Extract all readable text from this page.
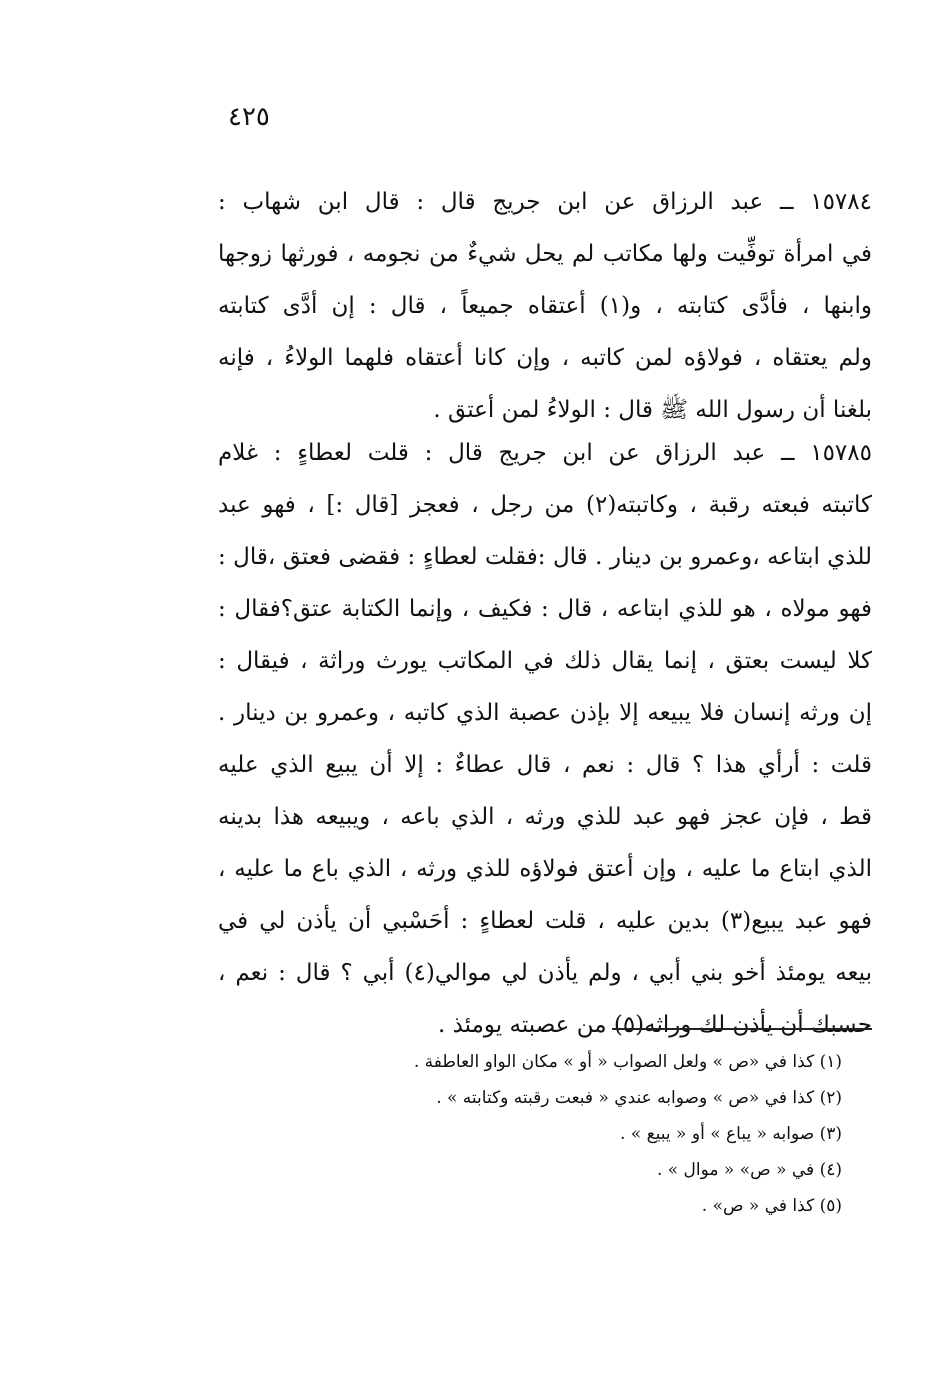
٤٢٥
١٥٧٨٤ ــ عبد الرزاق عن ابن جريج قال : قال ابن شهاب :
في امرأة توفِّيت ولها مكاتب لم يحل شيءٌ من نجومه ، فورثها زوجها
وابنها ، فأدَّى كتابته ، و(١) أعتقاه جميعاً ، قال : إن أدَّى كتابته
ولم يعتقاه ، فولاؤه لمن كاتبه ، وإن كانا أعتقاه فلهما الولاءُ ، فإنه
بلغنا أن رسول الله ﷺ قال : الولاءُ لمن أعتق .
١٥٧٨٥ ــ عبد الرزاق عن ابن جريج قال : قلت لعطاءٍ : غلام
كاتبته فبعته رقبة ، وكاتبته(٢) من رجل ، فعجز [قال :] ، فهو عبد
للذي ابتاعه ،وعمرو بن دينار . قال :فقلت لعطاءٍ : فقضى فعتق ،قال :
فهو مولاه ، هو للذي ابتاعه ، قال : فكيف ، وإنما الكتابة عتق؟فقال :
كلا ليست بعتق ، إنما يقال ذلك في المكاتب يورث وراثة ، فيقال :
إن ورثه إنسان فلا يبيعه إلا بإذن عصبة الذي كاتبه ، وعمرو بن دينار .
قلت : أرأي هذا ؟ قال : نعم ، قال عطاءٌ : إلا أن يبيع الذي عليه
قط ، فإن عجز فهو عبد للذي ورثه ، الذي باعه ، ويبيعه هذا بدينه
الذي ابتاع ما عليه ، وإن أعتق فولاؤه للذي ورثه ، الذي باع ما عليه ،
فهو عبد يبيع(٣) بدين عليه ، قلت لعطاءٍ : أحَسْبي أن يأذن لي في
بيعه يومئذ أخو بني أبي ، ولم يأذن لي موالي(٤) أبي ؟ قال : نعم ،
حسبك أن يأذن لك وراثه(٥) من عصبته يومئذ .
(١) كذا في «ص » ولعل الصواب « أو » مكان الواو العاطفة .
(٢) كذا في «ص » وصوابه عندي « فبعت رقبته وكتابته » .
(٣) صوابه « يباع » أو « يبيع » .
(٤) في « ص» « موال » .
(٥) كذا في « ص» .
